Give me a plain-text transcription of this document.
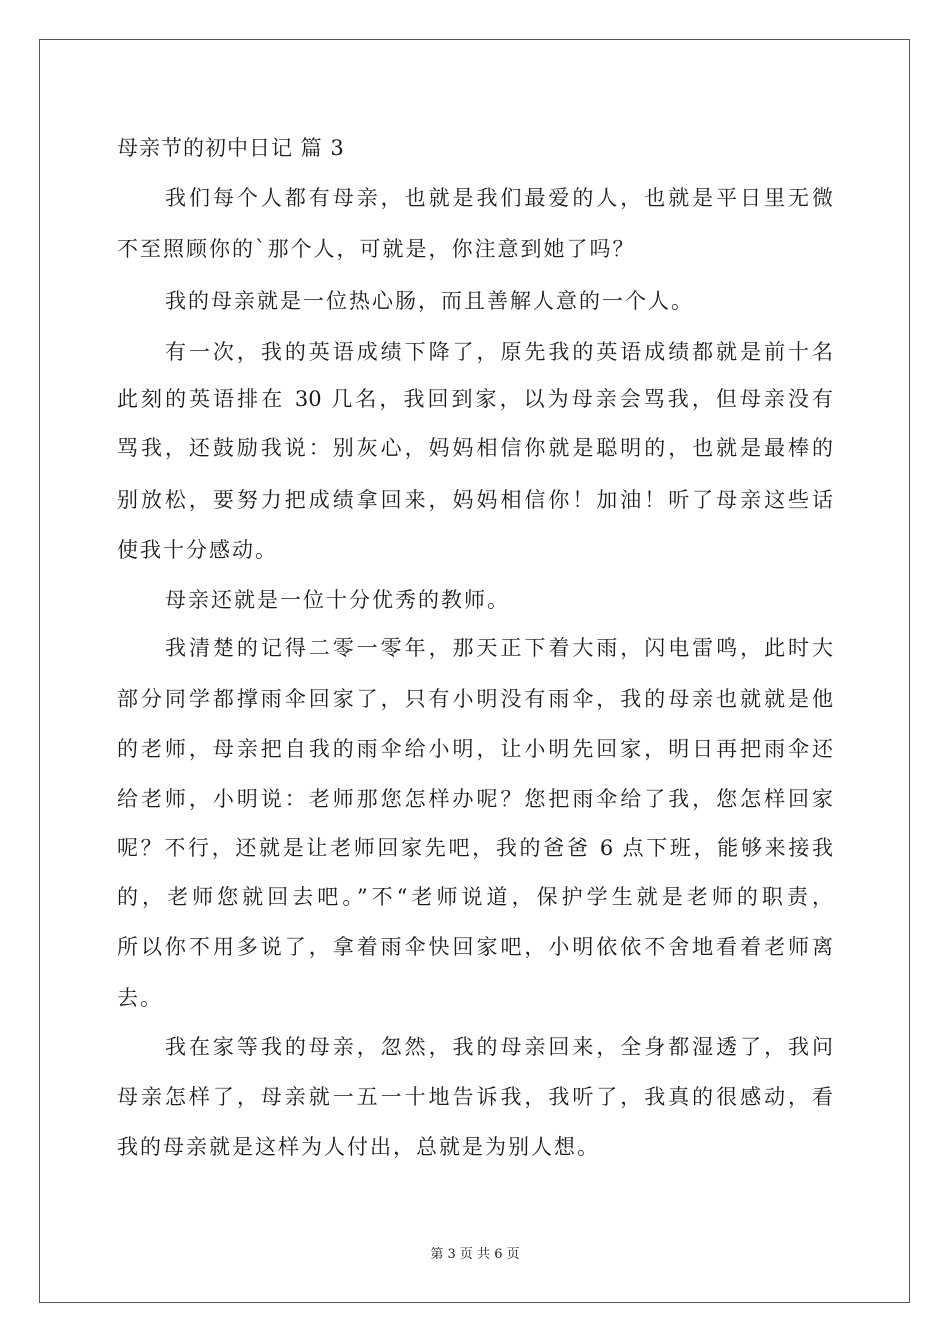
母亲节的初中日记 篇 3
我们每个人都有母亲，也就是我们最爱的人，也就是平日里无微
不至照顾你的`那个人，可就是，你注意到她了吗？
我的母亲就是一位热心肠，而且善解人意的一个人。
有一次，我的英语成绩下降了，原先我的英语成绩都就是前十名
此刻的英语排在 30 几名，我回到家，以为母亲会骂我，但母亲没有
骂我，还鼓励我说：别灰心，妈妈相信你就是聪明的，也就是最棒的
别放松，要努力把成绩拿回来，妈妈相信你！加油！听了母亲这些话
使我十分感动。
母亲还就是一位十分优秀的教师。
我清楚的记得二零一零年，那天正下着大雨，闪电雷鸣，此时大
部分同学都撑雨伞回家了，只有小明没有雨伞，我的母亲也就就是他
的老师，母亲把自我的雨伞给小明，让小明先回家，明日再把雨伞还
给老师，小明说：老师那您怎样办呢？您把雨伞给了我，您怎样回家
呢？不行，还就是让老师回家先吧，我的爸爸 6 点下班，能够来接我
的，老师您就回去吧。”不“老师说道，保护学生就是老师的职责，
所以你不用多说了，拿着雨伞快回家吧，小明依依不舍地看着老师离
去。
我在家等我的母亲，忽然，我的母亲回来，全身都湿透了，我问
母亲怎样了，母亲就一五一十地告诉我，我听了，我真的很感动，看
我的母亲就是这样为人付出，总就是为别人想。
第 3 页 共 6 页
